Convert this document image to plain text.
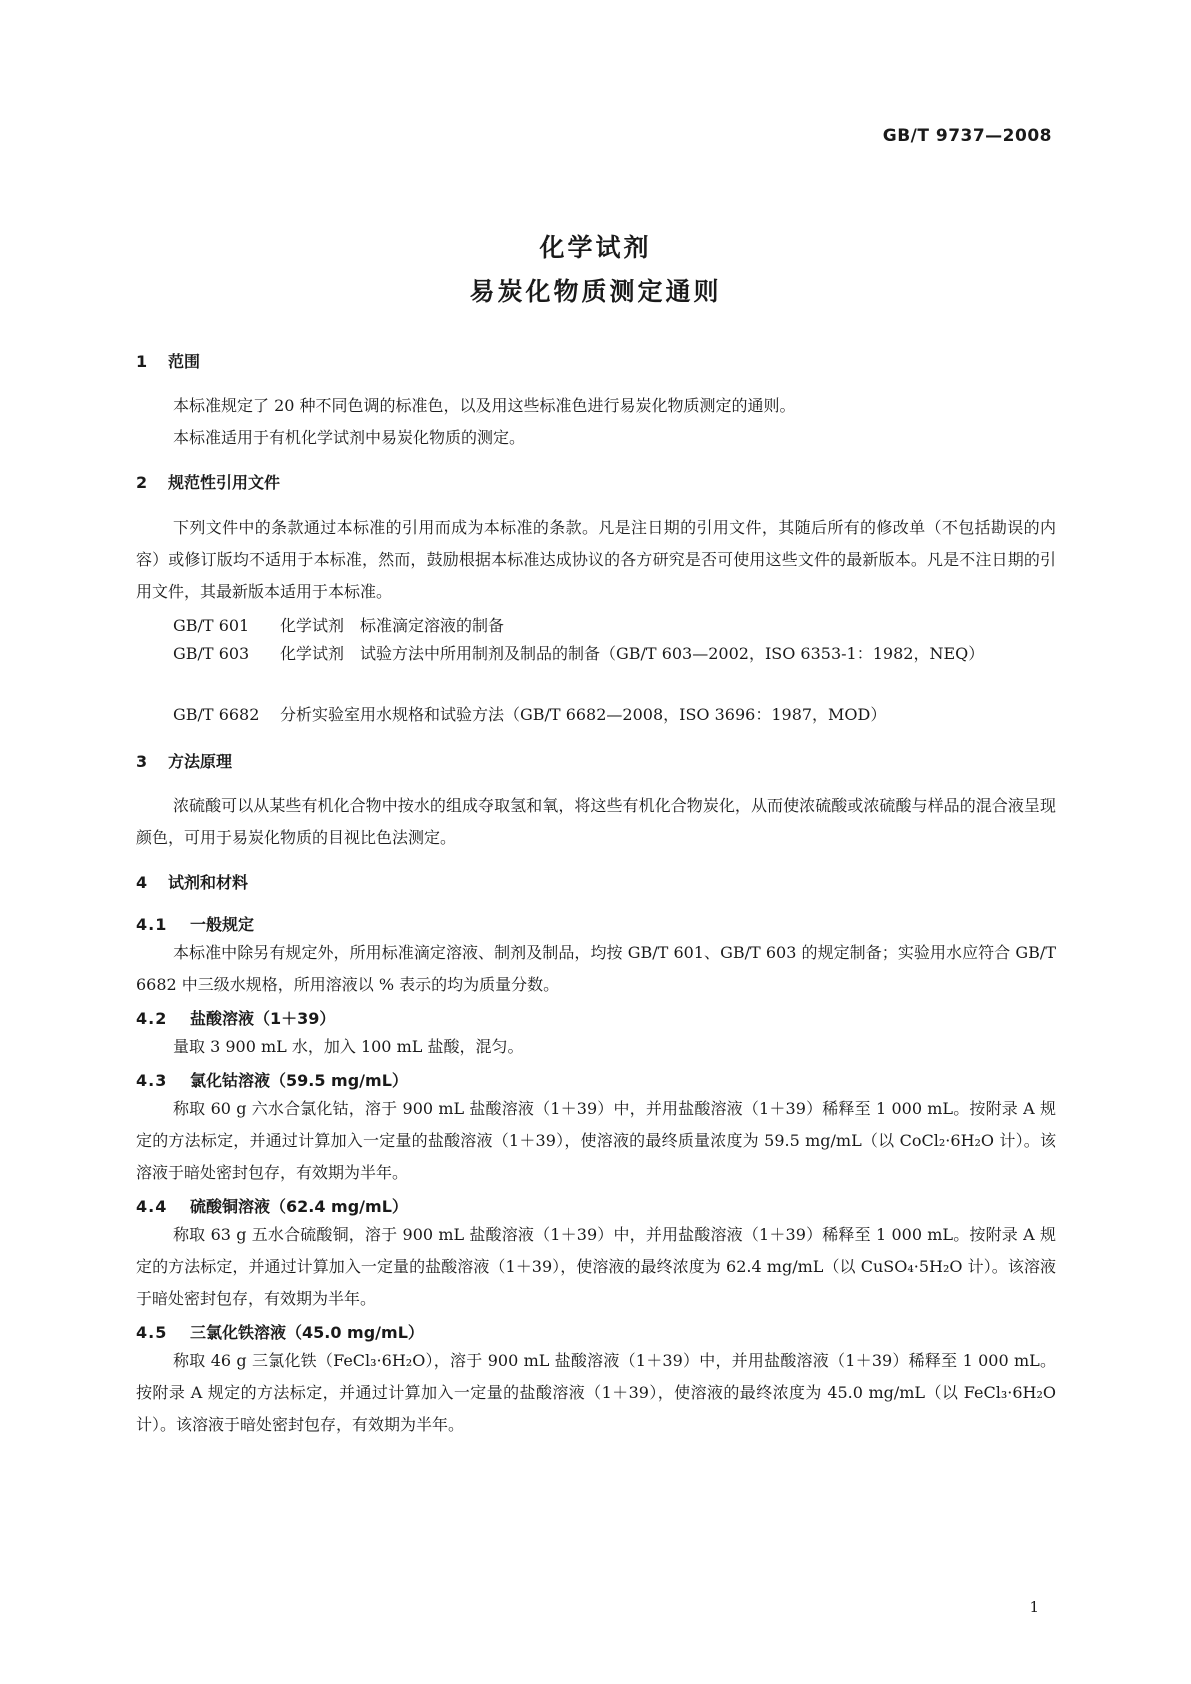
GB/T 9737—2008
化学试剂
易炭化物质测定通则
1 范围
本标准规定了 20 种不同色调的标准色，以及用这些标准色进行易炭化物质测定的通则。
本标准适用于有机化学试剂中易炭化物质的测定。
2 规范性引用文件
下列文件中的条款通过本标准的引用而成为本标准的条款。凡是注日期的引用文件，其随后所有的修改单（不包括勘误的内容）或修订版均不适用于本标准，然而，鼓励根据本标准达成协议的各方研究是否可使用这些文件的最新版本。凡是不注日期的引用文件，其最新版本适用于本标准。
GB/T 601 化学试剂　标准滴定溶液的制备
GB/T 603 化学试剂　试验方法中所用制剂及制品的制备（GB/T 603—2002，ISO 6353-1：1982，NEQ）
GB/T 6682 分析实验室用水规格和试验方法（GB/T 6682—2008，ISO 3696：1987，MOD）
3 方法原理
浓硫酸可以从某些有机化合物中按水的组成夺取氢和氧，将这些有机化合物炭化，从而使浓硫酸或浓硫酸与样品的混合液呈现颜色，可用于易炭化物质的目视比色法测定。
4 试剂和材料
4.1 一般规定
本标准中除另有规定外，所用标准滴定溶液、制剂及制品，均按 GB/T 601、GB/T 603 的规定制备；实验用水应符合 GB/T 6682 中三级水规格，所用溶液以 % 表示的均为质量分数。
4.2 盐酸溶液（1＋39）
量取 3 900 mL 水，加入 100 mL 盐酸，混匀。
4.3 氯化钴溶液（59.5 mg/mL）
称取 60 g 六水合氯化钴，溶于 900 mL 盐酸溶液（1＋39）中，并用盐酸溶液（1＋39）稀释至 1 000 mL。按附录 A 规定的方法标定，并通过计算加入一定量的盐酸溶液（1＋39），使溶液的最终质量浓度为 59.5 mg/mL（以 CoCl₂·6H₂O 计）。该溶液于暗处密封包存，有效期为半年。
4.4 硫酸铜溶液（62.4 mg/mL）
称取 63 g 五水合硫酸铜，溶于 900 mL 盐酸溶液（1＋39）中，并用盐酸溶液（1＋39）稀释至 1 000 mL。按附录 A 规定的方法标定，并通过计算加入一定量的盐酸溶液（1＋39），使溶液的最终浓度为 62.4 mg/mL（以 CuSO₄·5H₂O 计）。该溶液于暗处密封包存，有效期为半年。
4.5 三氯化铁溶液（45.0 mg/mL）
称取 46 g 三氯化铁（FeCl₃·6H₂O），溶于 900 mL 盐酸溶液（1＋39）中，并用盐酸溶液（1＋39）稀释至 1 000 mL。按附录 A 规定的方法标定，并通过计算加入一定量的盐酸溶液（1＋39），使溶液的最终浓度为 45.0 mg/mL（以 FeCl₃·6H₂O 计）。该溶液于暗处密封包存，有效期为半年。
1
